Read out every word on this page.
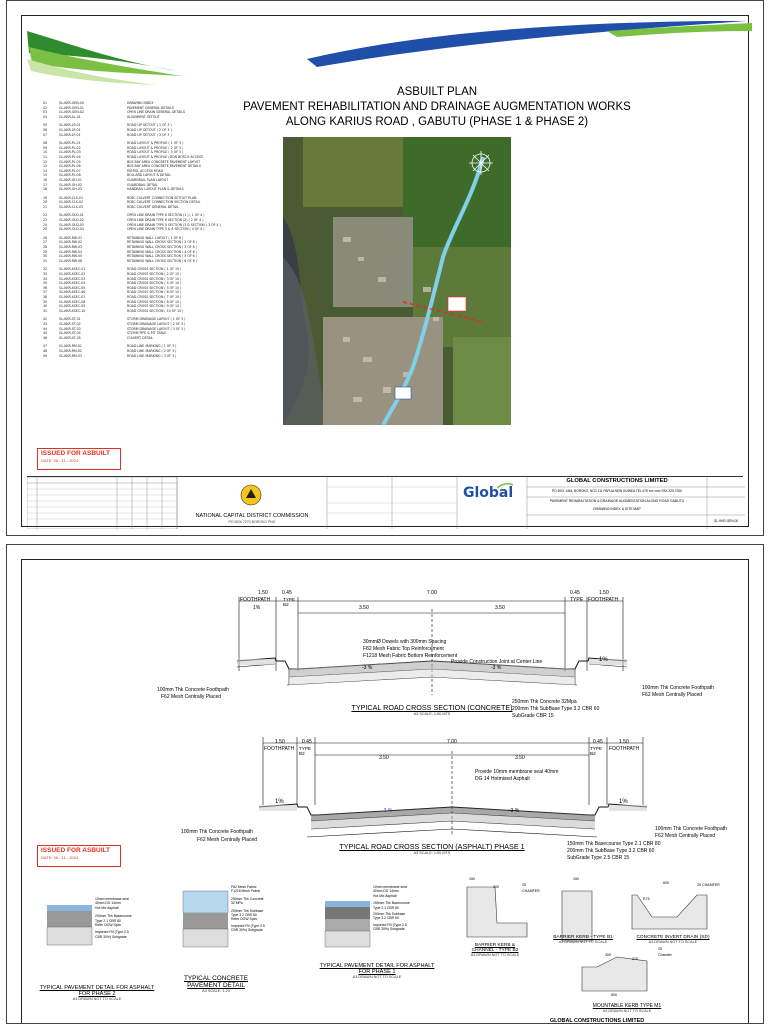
ASBUILT PLAN
PAVEMENT REHABILITATION AND DRAINAGE AUGMENTATION WORKS
ALONG KARIUS ROAD , GABUTU (PHASE 1 & PHASE 2)
01	GL-KKR-GEN-00	DRAWING INDEX
02	GL-KKR-GEN-01	PAVEMENT GENERAL DETAILS
03	GL-KKR-GEN-02	OPEN LINE DRAIN GENERAL DETAILS
04	GL-KKR-AL-01	ALIGNMENT SETOUT
05	GL-KKR-LP-01	ROAD LIP SETOUT ( 1 OF 3 )
06	GL-KKR-LP-01	ROAD LIP SETOUT ( 2 OF 3 )
07	GL-KKR-LP-01	ROAD LIP SETOUT ( 3 OF 3 )
08	GL-KKR-PL-01	ROAD LAYOUT & PROFILE ( 1 OF 3 )
09	GL-KKR-PL-02	ROAD LAYOUT & PROFILE ( 2 OF 3 )
10	GL-KKR-PL-03	ROAD LAYOUT & PROFILE ( 3 OF 3 )
11	GL-KKR-PL-04	ROAD LAYOUT & PROFILE (DON BOSCO ACCESS
12	GL-KKR-PL-05	BUS BAY AREA CONCRETE PAVEMENT LAYOUT
13	GL-KKR-PL-06	BUS BAY AREA CONCRETE PAVEMENT DETAILS
14	GL-KKR-PL-07	PATROL ACCESS ROAD
15	GL-KKR-PL-08	BOLLARD LAYOUT & DETAIL
16	GL-KKR-GH-01	GUARDRAIL PLAN LAYOUT
17	GL-KKR-GH-02	GUARDRAIL DETAIL
18	GL-KKR-GH-03	HANDRAIL LAYOUT PLAN & DETAILS
19	GL-KKR-CLS-01	RCBC CULVERT CONNECTION SETOUT PLAN
20	GL-KKR-CLS-02	RCBC CULVERT CONNECTION SECTION DETAIL
21	GL-KKR-CLS-03	RCBC CULVERT GENERAL DETAIL
22	GL-KKR-OLD-01	OPEN LINE DRAIN TYPE 6 SECTION (1 ) ( 1 OF 4 )
23	GL-KKR-OLD-02	OPEN LINE DRAIN TYPE 6 SECTION (2) ( 2 OF 4 )
24	GL-KKR-OLD-03	OPEN LINE DRAIN TYPE 5 SECTION (3 & SECTION ( 3 OF 4 )
25	GL-KKR-OLD-04	OPEN LINE DRAIN TYPE 5 & 6 SECTION ( 4 OF 4 )
26	GL-KKR-RW-01	RETAINING WALL LAYOUT ( 1 OF 6 )
27	GL-KKR-RW-02	RETAINING WALL CROSS SECTION ( 2 OF 6 )
28	GL-KKR-RW-03	RETAINING WALL CROSS SECTION ( 3 OF 6 )
29	GL-KKR-RW-04	RETAINING WALL CROSS SECTION ( 4 OF 6 )
30	GL-KKR-RW-05	RETAINING WALL CROSS SECTION ( 5 OF 6 )
31	GL-KKR-RW-06	RETAINING WALL CROSS SECTION ( 6 OF 6 )
32	GL-KKR-XSEC-01	ROAD CROSS SECTION ( 1 OF 10 )
33	GL-KKR-XSEC-02	ROAD CROSS SECTION ( 2 OF 10 )
34	GL-KKR-XSEC-03	ROAD CROSS SECTION ( 3 OF 10 )
35	GL-KKR-XSEC-04	ROAD CROSS SECTION ( 4 OF 10 )
36	GL-KKR-XSEC-05	ROAD CROSS SECTION ( 5 OF 10 )
37	GL-KKR-XSEC-06	ROAD CROSS SECTION ( 6 OF 10 )
38	GL-KKR-XSEC-07	ROAD CROSS SECTION ( 7 OF 10 )
39	GL-KKR-XSEC-08	ROAD CROSS SECTION ( 8 OF 10 )
40	GL-KKR-XSEC-09	ROAD CROSS SECTION ( 9 OF 10 )
41	GL-KKR-XSEC-10	ROAD CROSS SECTION ( 10 OF 10 )
42	GL-KKR-ST-01	STORM DRAINAGE LAYOUT ( 1 OF 3 )
43	GL-KKR-ST-02	STORM DRAINAGE LAYOUT ( 2 OF 3 )
44	GL-KKR-ST-03	STORM DRAINAGE LAYOUT ( 3 OF 3 )
45	GL-KKR-ST-04	STORM PIPE & PIT TABLE
46	GL-KKR-ST-05	CULVERT DETAIL
47	GL-KKR-RM-01	ROAD LINE MARKING ( 1 OF 3 )
48	GL-KKR-RM-02	ROAD LINE MARKING ( 2 OF 3 )
49	GL-KKR-RM-03	ROAD LINE MARKING ( 3 OF 3 )
ISSUED FOR ASBUILT
DATE: 06 - 11 - 2024
NATIONAL CAPITAL DISTRICT COMMISSION
PO BOX 7270 BOROKO PNG
Global
GLOBAL CONSTRUCTIONS LIMITED
PO BOX 1464, BOROKO, NCD 111 PAPUA NEW GUINEA TEL 675 xxx xxxx FAX 325 3766
PAVEMENT REHABILITATION & DRAINAGE AUGMENTATION ALONG ROAD GABUTU
DRAWING INDEX & SITE MAP
GL-KKR-GEN-00
1.50	0.45	7.00	0.45	1.50
3.50	3.50
FOOTHPATH	TYPE B2
TYPE FOOTHPATH
1%
1%
-3 %	-3 %
30mmØ Dowels with 300mm Spacing
F82 Mesh Fabric Top Reinforcement
F1218 Mesh Fabric Bottom Reinforcement
Provide Construction Joint at Center Line
250mm Thk Concrete 32Mpa
200mm Thk SubBase Type 3.2 CBR 60
SubGrade CBR 15
100mm Thk Concrete Foothpath
F62 Mesh Centrally Placed
100mm Thk Concrete Foothpath
F62 Mesh Centrally Placed
TYPICAL ROAD CROSS SECTION (CONCRETE)
A3 SCALE: 1:50 MTS
1.50	0.45	7.00	0.45	1.50
3.50	3.50
FOOTHPATH TYPE B2
TYPE B2
FOOTHPATH
1%	1%
-3 %	-3 %
Provide 10mm membrane seal 40mm
DG 14 Hotmixed Asphalt
150mm Thk Basecourse Type 2.1 CBR 80
200mm Thk SubBase Type 3.2 CBR 60
SubGrade Type 2.5 CBR 15
100mm Thk Concrete Foothpath
F62 Mesh Centrally Placed
100mm Thk Concrete Foothpath
F62 Mesh Centrally Placed
TYPICAL ROAD CROSS SECTION (ASPHALT) PHASE 1
A3 SCALE: 1:50 MTS
ISSUED FOR ASBUILT
DATE: 06 - 11 - 2024
10mm membrane seal
40mm DG 14mm
Hot Mix Asphalt
200mm Thk Basecourse
Type 2.1 CBR 80
Refer DOW Spec
Imported Fill (Type 2.5
CBR 30%) Subgrade
F82 Mesh Fabric
F1218 Mesh Fabric
250mm Thk Concrete
32 MPa
200mm Thk Subbase
Type 3.2 CBR 60
Refer DOW Spec
Imported Fill (Type 2.5
CBR 30%) Subgrade
10mm membrane seal
40mm DG 14mm
Hot Mix Asphalt
150mm Thk Basecourse
Type 2.1 CBR 80
200mm Thk Subbase
Type 3.2 CBR 60
Imported Fill (Type 2.5
CBR 30%) Subgrade
150
300	25
CHAMFER
150
600	25 CHAMFER
R75
300
270
25
Chamfer
600
TYPICAL PAVEMENT DETAIL FOR ASPHALT
FOR PHASE 2
A3 DRAWN NOT TO SCALE
TYPICAL CONCRETE
PAVEMENT DETAIL
A3 SCALE: 1:20
TYPICAL PAVEMENT DETAIL FOR ASPHALT
FOR PHASE 1
A3 DRAWN NOT TO SCALE
BARRIER KERB &
CHANNEL - TYPE B2
A3 DRAWN NOT TO SCALE
BARRIER KERB - TYPE B1
A3 DRAWN NOT TO SCALE
CONCRETE INVERT DRAIN (SD)
A3 DRAWN NOT TO SCALE
MOUNTABLE KERB TYPE M1
A3 DRAWN NOT TO SCALE
GLOBAL CONSTRUCTIONS LIMITED
